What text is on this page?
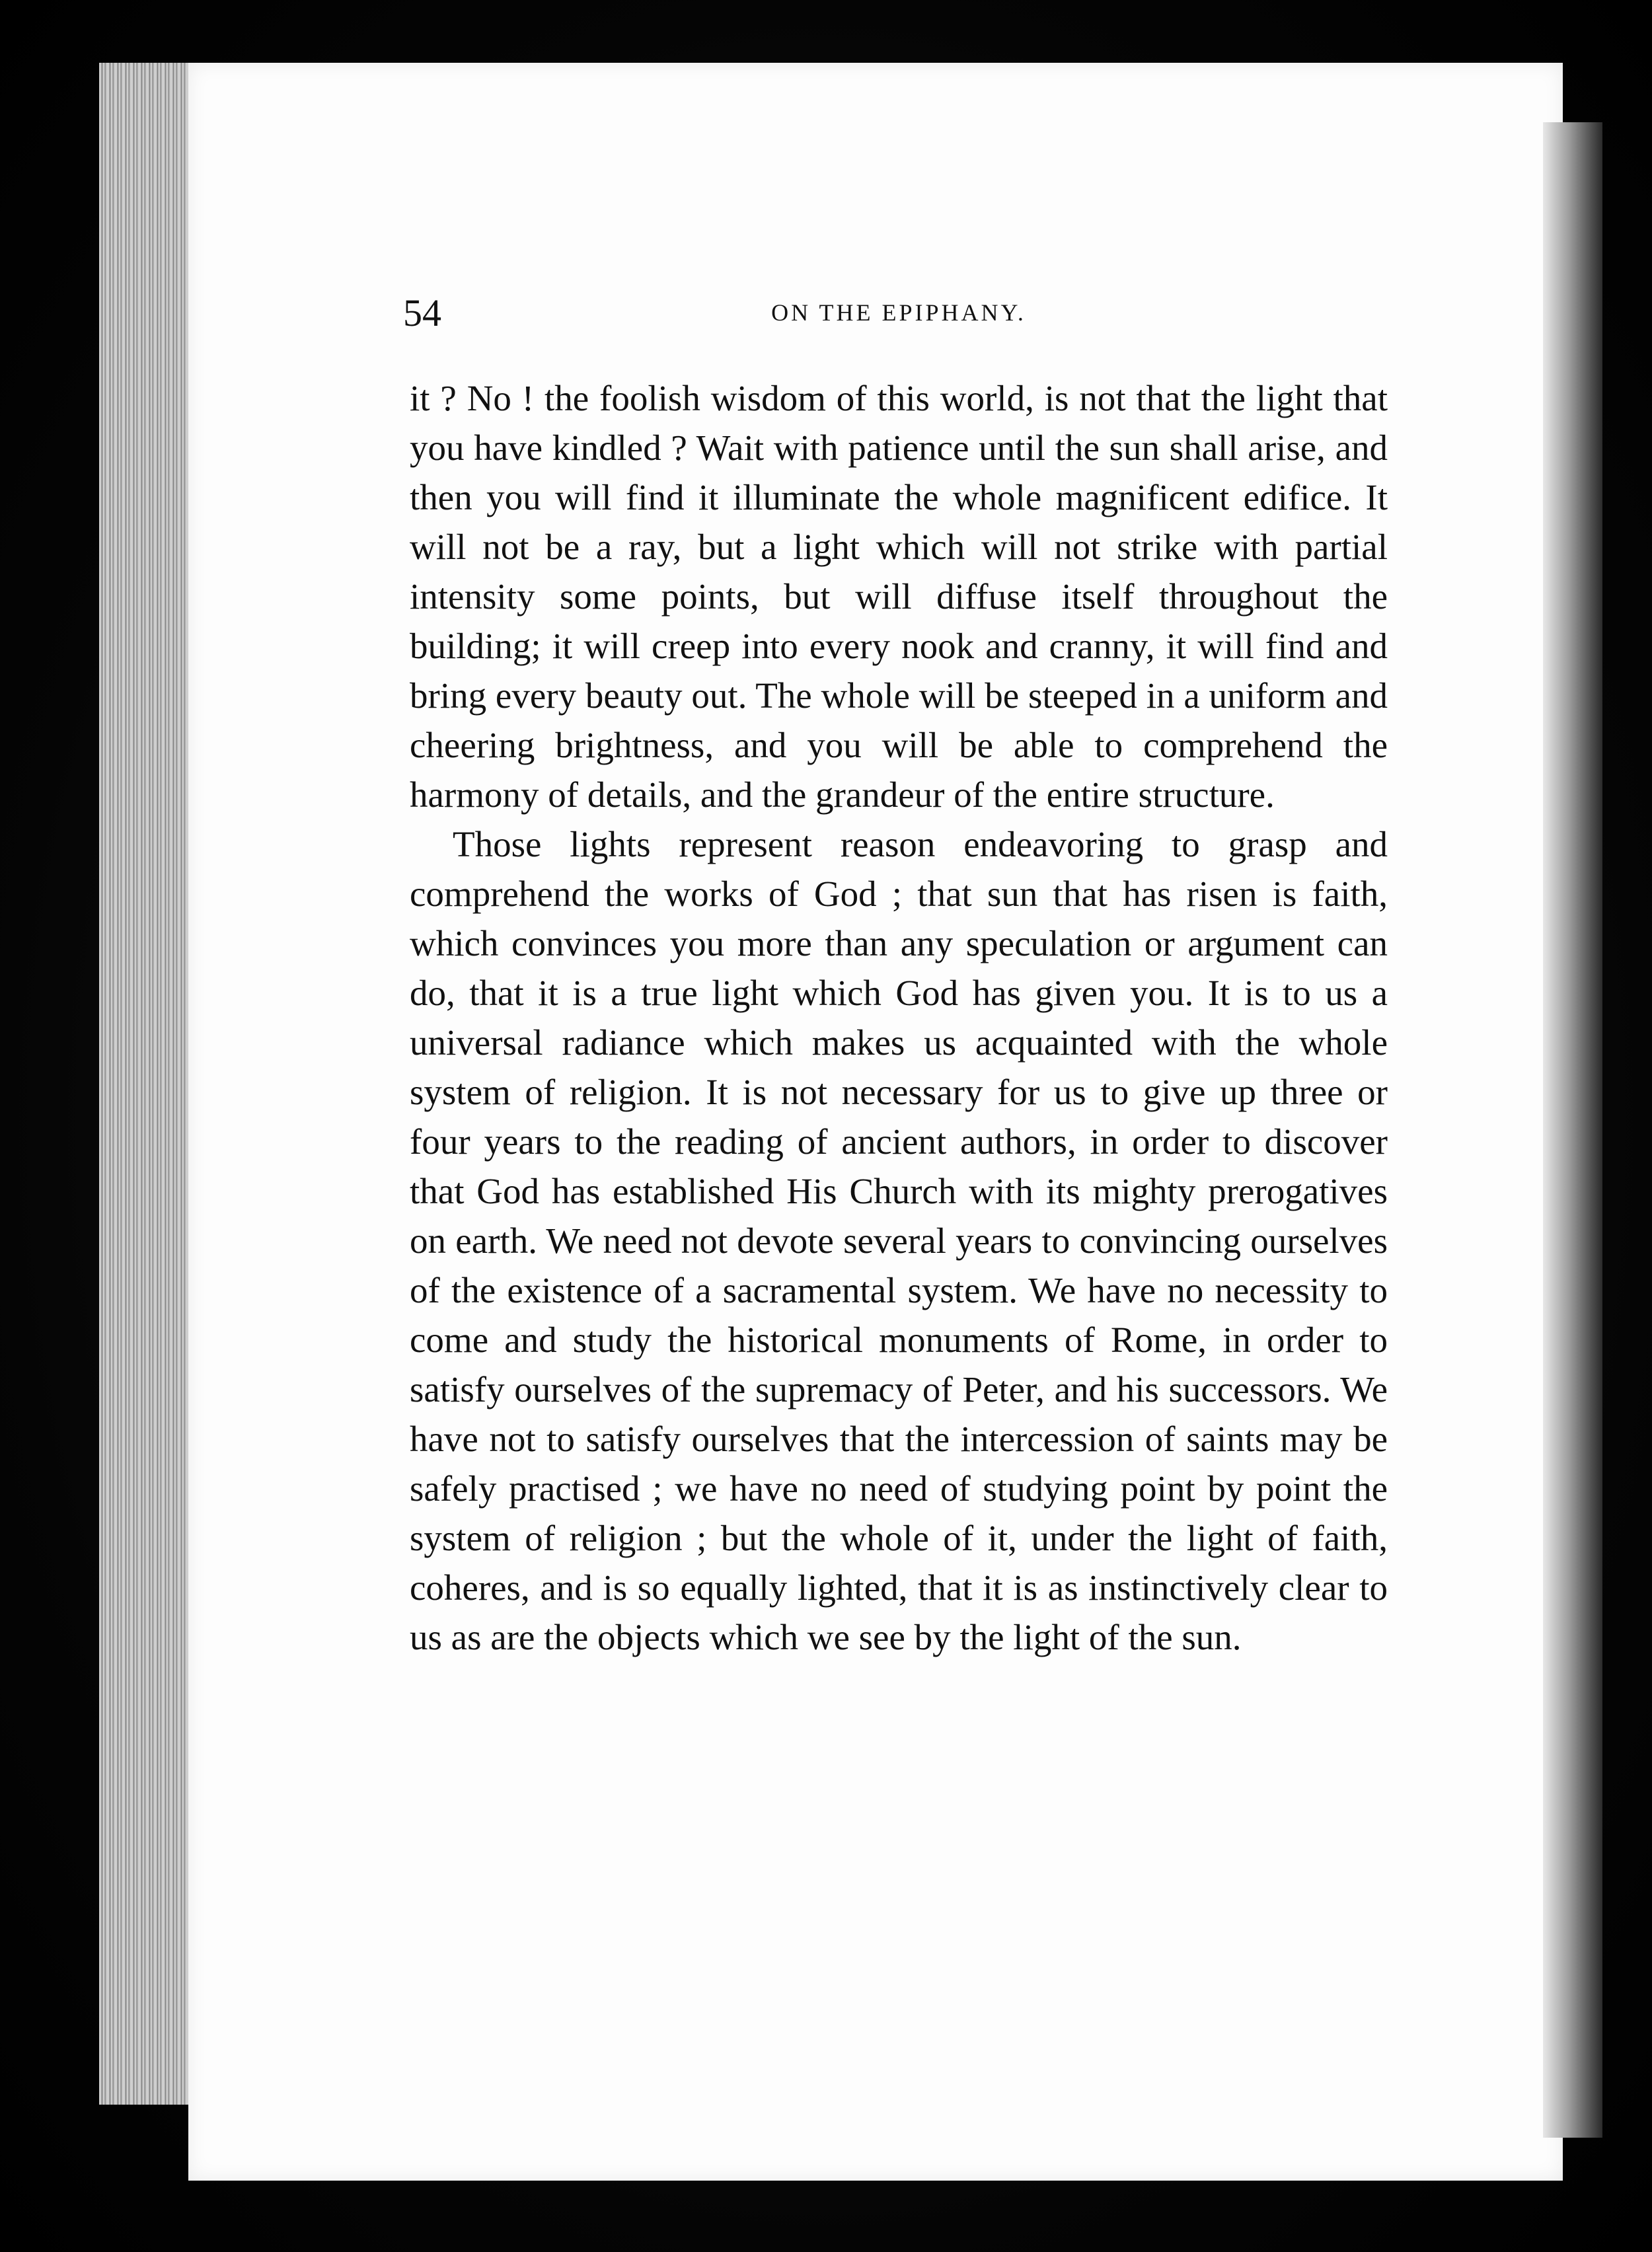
54	ON THE EPIPHANY.

it ? No ! the foolish wisdom of this world, is not that the light that you have kindled ? Wait with patience until the sun shall arise, and then you will find it illuminate the whole magnificent edifice. It will not be a ray, but a light which will not strike with partial intensity some points, but will diffuse itself throughout the building; it will creep into every nook and cranny, it will find and bring every beauty out. The whole will be steeped in a uniform and cheering brightness, and you will be able to comprehend the harmony of details, and the grandeur of the entire structure.

Those lights represent reason endeavoring to grasp and comprehend the works of God ; that sun that has risen is faith, which convinces you more than any speculation or argument can do, that it is a true light which God has given you. It is to us a universal radiance which makes us acquainted with the whole system of religion. It is not necessary for us to give up three or four years to the reading of ancient authors, in order to discover that God has established His Church with its mighty prerogatives on earth. We need not devote several years to convincing ourselves of the existence of a sacramental system. We have no necessity to come and study the historical monuments of Rome, in order to satisfy ourselves of the supremacy of Peter, and his successors. We have not to satisfy ourselves that the intercession of saints may be safely practised ; we have no need of studying point by point the system of religion ; but the whole of it, under the light of faith, coheres, and is so equally lighted, that it is as instinctively clear to us as are the objects which we see by the light of the sun.
